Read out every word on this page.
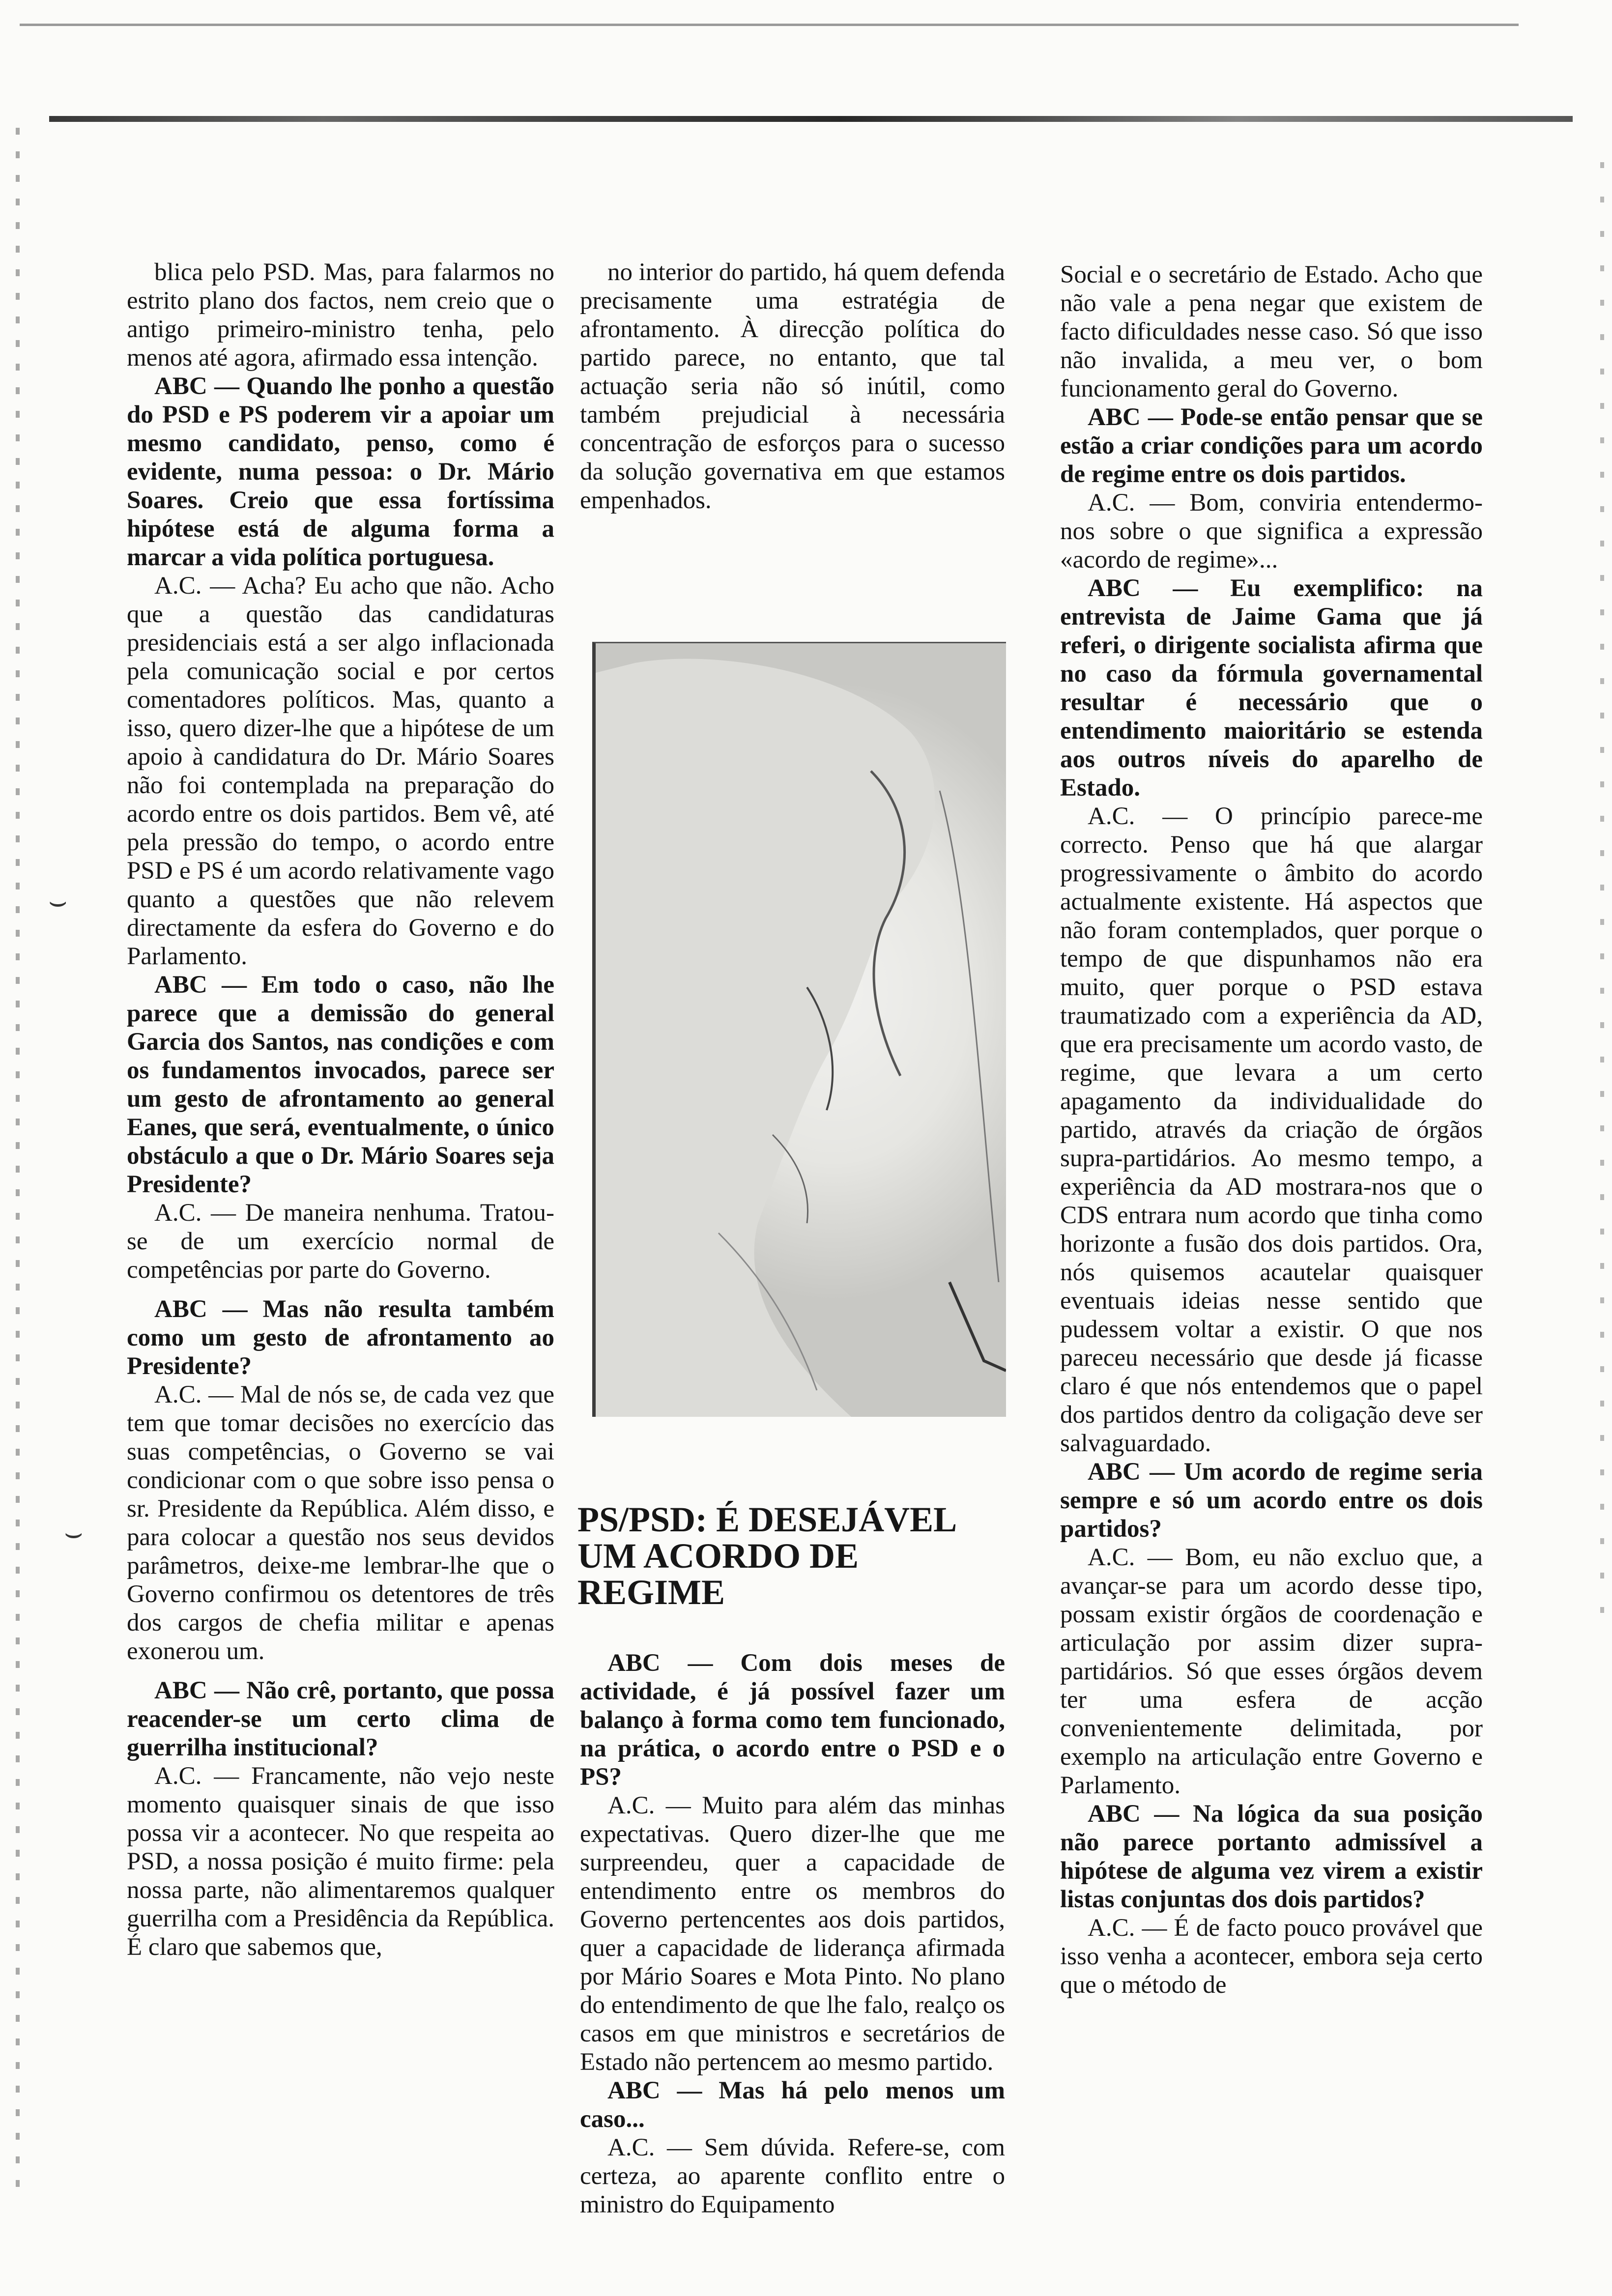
⌣
⌣

blica pelo PSD. Mas, para falarmos no estrito plano dos factos, nem creio que o antigo primeiro-ministro tenha, pelo menos até agora, afirmado essa intenção.

ABC — Quando lhe ponho a questão do PSD e PS poderem vir a apoiar um mesmo candidato, penso, como é evidente, numa pessoa: o Dr. Mário Soares. Creio que essa fortíssima hipótese está de alguma forma a marcar a vida política portuguesa.

A.C. — Acha? Eu acho que não. Acho que a questão das candidaturas presidenciais está a ser algo inflacionada pela comunicação social e por certos comentadores políticos. Mas, quanto a isso, quero dizer-lhe que a hipótese de um apoio à candidatura do Dr. Mário Soares não foi contemplada na preparação do acordo entre os dois partidos. Bem vê, até pela pressão do tempo, o acordo entre PSD e PS é um acordo relativamente vago quanto a questões que não relevem directamente da esfera do Governo e do Parlamento.

ABC — Em todo o caso, não lhe parece que a demissão do general Garcia dos Santos, nas condições e com os fundamentos invocados, parece ser um gesto de afrontamento ao general Eanes, que será, eventualmente, o único obstáculo a que o Dr. Mário Soares seja Presidente?

A.C. — De maneira nenhuma. Tratou-se de um exercício normal de competências por parte do Governo.

ABC — Mas não resulta também como um gesto de afrontamento ao Presidente?

A.C. — Mal de nós se, de cada vez que tem que tomar decisões no exercício das suas competências, o Governo se vai condicionar com o que sobre isso pensa o sr. Presidente da República. Além disso, e para colocar a questão nos seus devidos parâmetros, deixe-me lembrar-lhe que o Governo confirmou os detentores de três dos cargos de chefia militar e apenas exonerou um.

ABC — Não crê, portanto, que possa reacender-se um certo clima de guerrilha institucional?

A.C. — Francamente, não vejo neste momento quaisquer sinais de que isso possa vir a acontecer. No que respeita ao PSD, a nossa posição é muito firme: pela nossa parte, não alimentaremos qualquer guerrilha com a Presidência da República. É claro que sabemos que,

no interior do partido, há quem defenda precisamente uma estratégia de afrontamento. À direcção política do partido parece, no entanto, que tal actuação seria não só inútil, como também prejudicial à necessária concentração de esforços para o sucesso da solução governativa em que estamos empenhados.

PS/PSD: É DESEJÁVEL UM ACORDO DE REGIME

ABC — Com dois meses de actividade, é já possível fazer um balanço à forma como tem funcionado, na prática, o acordo entre o PSD e o PS?

A.C. — Muito para além das minhas expectativas. Quero dizer-lhe que me surpreendeu, quer a capacidade de entendimento entre os membros do Governo pertencentes aos dois partidos, quer a capacidade de liderança afirmada por Mário Soares e Mota Pinto. No plano do entendimento de que lhe falo, realço os casos em que ministros e secretários de Estado não pertencem ao mesmo partido.

ABC — Mas há pelo menos um caso...

A.C. — Sem dúvida. Refere-se, com certeza, ao aparente conflito entre o ministro do Equipamento

Social e o secretário de Estado. Acho que não vale a pena negar que existem de facto dificuldades nesse caso. Só que isso não invalida, a meu ver, o bom funcionamento geral do Governo.

ABC — Pode-se então pensar que se estão a criar condições para um acordo de regime entre os dois partidos.

A.C. — Bom, conviria entendermo-nos sobre o que significa a expressão «acordo de regime»...

ABC — Eu exemplifico: na entrevista de Jaime Gama que já referi, o dirigente socialista afirma que no caso da fórmula governamental resultar é necessário que o entendimento maioritário se estenda aos outros níveis do aparelho de Estado.

A.C. — O princípio parece-me correcto. Penso que há que alargar progressivamente o âmbito do acordo actualmente existente. Há aspectos que não foram contemplados, quer porque o tempo de que dispunhamos não era muito, quer porque o PSD estava traumatizado com a experiência da AD, que era precisamente um acordo vasto, de regime, que levara a um certo apagamento da individualidade do partido, através da criação de órgãos supra-partidários. Ao mesmo tempo, a experiência da AD mostrara-nos que o CDS entrara num acordo que tinha como horizonte a fusão dos dois partidos. Ora, nós quisemos acautelar quaisquer eventuais ideias nesse sentido que pudessem voltar a existir. O que nos pareceu necessário que desde já ficasse claro é que nós entendemos que o papel dos partidos dentro da coligação deve ser salvaguardado.

ABC — Um acordo de regime seria sempre e só um acordo entre os dois partidos?

A.C. — Bom, eu não excluo que, a avançar-se para um acordo desse tipo, possam existir órgãos de coordenação e articulação por assim dizer supra-partidários. Só que esses órgãos devem ter uma esfera de acção convenientemente delimitada, por exemplo na articulação entre Governo e Parlamento.

ABC — Na lógica da sua posição não parece portanto admissível a hipótese de alguma vez virem a existir listas conjuntas dos dois partidos?

A.C. — É de facto pouco provável que isso venha a acontecer, embora seja certo que o método de
